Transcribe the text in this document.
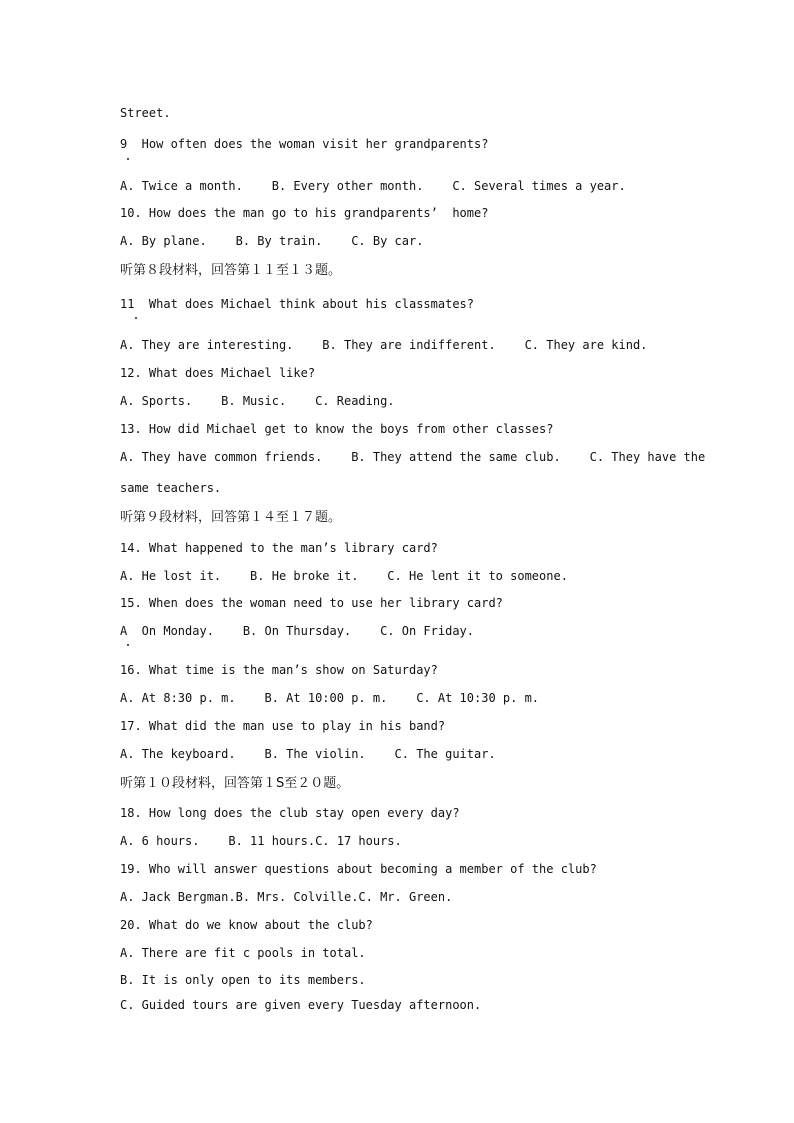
Street.
9  How often does the woman visit her grandparents?
A. Twice a month.    B. Every other month.    C. Several times a year.
10. How does the man go to his grandparents’  home?
A. By plane.    B. By train.    C. By car.
听第８段材料，回答第１１至１３题。
11  What does Michael think about his classmates?
A. They are interesting.    B. They are indifferent.    C. They are kind.
12. What does Michael like?
A. Sports.    B. Music.    C. Reading.
13. How did Michael get to know the boys from other classes?
A. They have common friends.    B. They attend the same club.    C. They have the
same teachers.
听第９段材料，回答第１４至１７题。
14. What happened to the man’s library card?
A. He lost it.    B. He broke it.    C. He lent it to someone.
15. When does the woman need to use her library card?
A  On Monday.    B. On Thursday.    C. On Friday.
16. What time is the man’s show on Saturday?
A. At 8:30 p. m.    B. At 10:00 p. m.    C. At 10:30 p. m.
17. What did the man use to play in his band?
A. The keyboard.    B. The violin.    C. The guitar.
听第１０段材料，回答第１S至２０题。
18. How long does the club stay open every day?
A. 6 hours.    B. 11 hours.C. 17 hours.
19. Who will answer questions about becoming a member of the club?
A. Jack Bergman.B. Mrs. Colville.C. Mr. Green.
20. What do we know about the club?
A. There are fit c pools in total.
B. It is only open to its members.
C. Guided tours are given every Tuesday afternoon.
